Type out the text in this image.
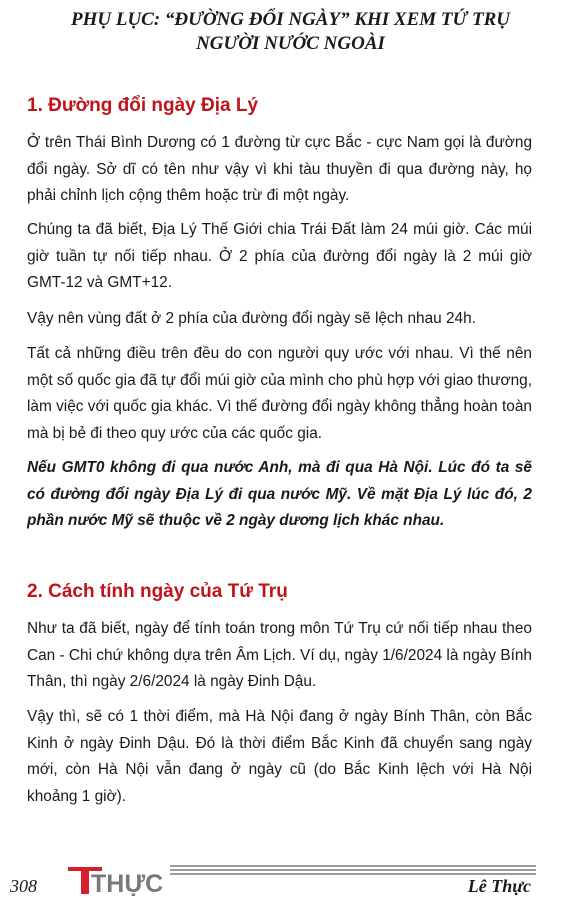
PHỤ LỤC: “ĐƯỜNG ĐỔI NGÀY” KHI XEM TỨ TRỤ
NGƯỜI NƯỚC NGOÀI
1. Đường đổi ngày Địa Lý

Ở trên Thái Bình Dương có 1 đường từ cực Bắc - cực Nam gọi là đường đổi ngày. Sở dĩ có tên như vậy vì khi tàu thuyền đi qua đường này, họ phải chỉnh lịch cộng thêm hoặc trừ đi một ngày.

Chúng ta đã biết, Địa Lý Thế Giới chia Trái Đất làm 24 múi giờ. Các múi giờ tuần tự nối tiếp nhau. Ở 2 phía của đường đổi ngày là 2 múi giờ GMT-12 và GMT+12.

Vậy nên vùng đất ở 2 phía của đường đổi ngày sẽ lệch nhau 24h.

Tất cả những điều trên đều do con người quy ước với nhau. Vì thế nên một số quốc gia đã tự đổi múi giờ của mình cho phù hợp với giao thương, làm việc với quốc gia khác. Vì thế đường đổi ngày không thẳng hoàn toàn mà bị bẻ đi theo quy ước của các quốc gia.

Nếu GMT0 không đi qua nước Anh, mà đi qua Hà Nội. Lúc đó ta sẽ có đường đổi ngày Địa Lý đi qua nước Mỹ. Về mặt Địa Lý lúc đó, 2 phần nước Mỹ sẽ thuộc về 2 ngày dương lịch khác nhau.

2. Cách tính ngày của Tứ Trụ

Như ta đã biết, ngày để tính toán trong môn Tứ Trụ cứ nối tiếp nhau theo Can - Chi chứ không dựa trên Âm Lịch. Ví dụ, ngày 1/6/2024 là ngày Bính Thân, thì ngày 2/6/2024 là ngày Đinh Dậu.

Vậy thì, sẽ có 1 thời điểm, mà Hà Nội đang ở ngày Bính Thân, còn Bắc Kinh ở ngày Đinh Dậu. Đó là thời điểm Bắc Kinh đã chuyển sang ngày mới, còn Hà Nội vẫn đang ở ngày cũ (do Bắc Kinh lệch với Hà Nội khoảng 1 giờ).

308 THỰC	Lê Thực
